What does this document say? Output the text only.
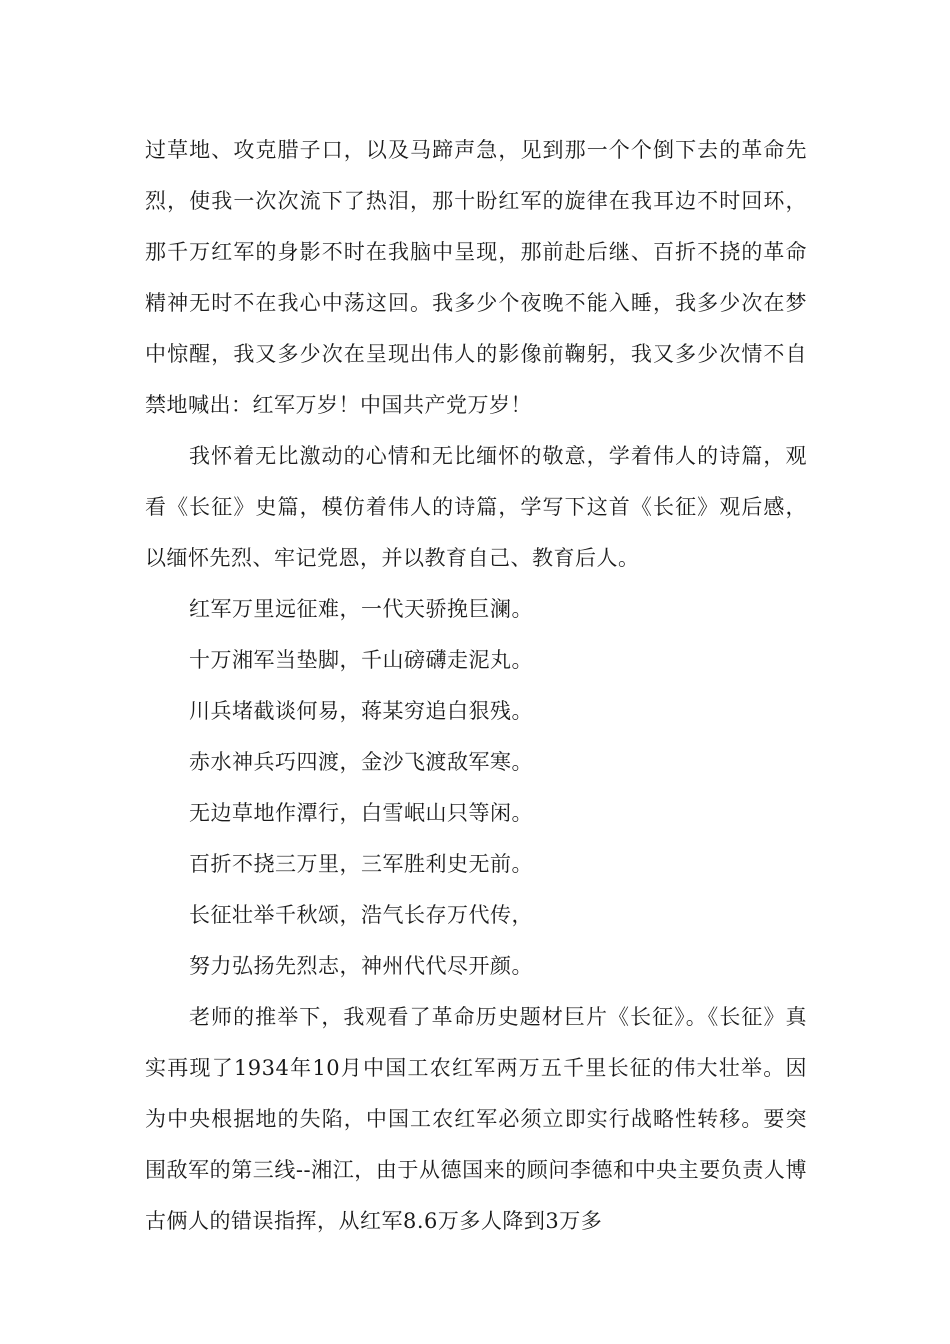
过草地、攻克腊子口，以及马蹄声急，见到那一个个倒下去的革命先烈，使我一次次流下了热泪，那十盼红军的旋律在我耳边不时回环，那千万红军的身影不时在我脑中呈现，那前赴后继、百折不挠的革命精神无时不在我心中荡这回。我多少个夜晚不能入睡，我多少次在梦中惊醒，我又多少次在呈现出伟人的影像前鞠躬，我又多少次情不自禁地喊出：红军万岁！中国共产党万岁！

我怀着无比激动的心情和无比缅怀的敬意，学着伟人的诗篇，观看《长征》史篇，模仿着伟人的诗篇，学写下这首《长征》观后感，以缅怀先烈、牢记党恩，并以教育自己、教育后人。

红军万里远征难，一代天骄挽巨澜。
十万湘军当垫脚，千山磅礴走泥丸。
川兵堵截谈何易，蒋某穷追白狠残。
赤水神兵巧四渡，金沙飞渡敌军寒。
无边草地作潭行，白雪岷山只等闲。
百折不挠三万里，三军胜利史无前。
长征壮举千秋颂，浩气长存万代传，
努力弘扬先烈志，神州代代尽开颜。

老师的推举下，我观看了革命历史题材巨片《长征》。《长征》真实再现了1934年10月中国工农红军两万五千里长征的伟大壮举。因为中央根据地的失陷，中国工农红军必须立即实行战略性转移。要突围敌军的第三线--湘江，由于从德国来的顾问李德和中央主要负责人博古俩人的错误指挥，从红军8.6万多人降到3万多
